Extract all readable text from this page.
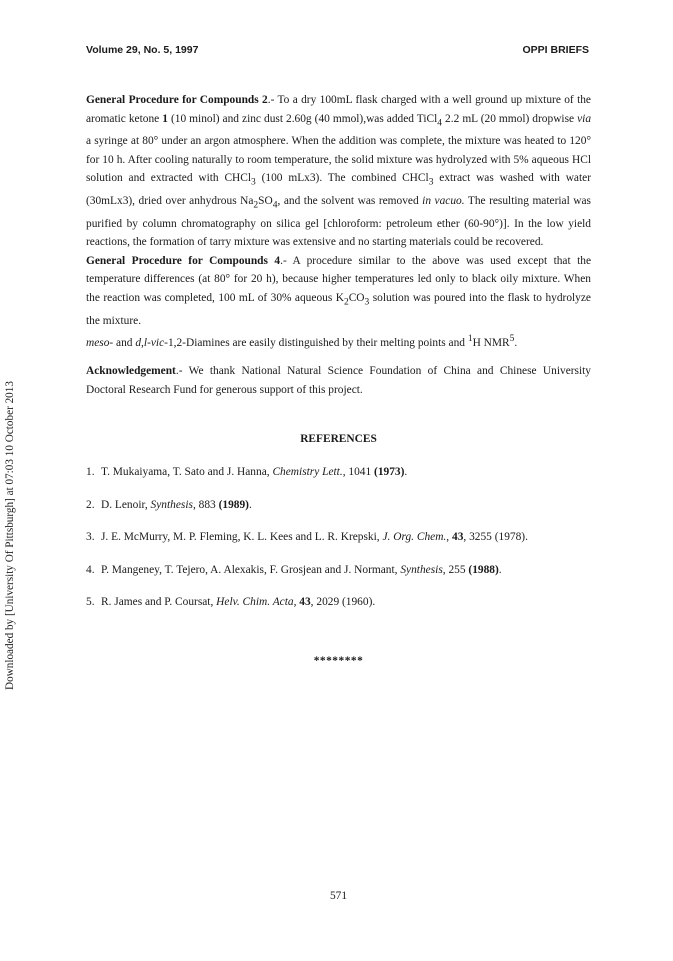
Volume 29, No. 5, 1997	OPPI BRIEFS
Downloaded by [University Of Pittsburgh] at 07:03 10 October 2013

General Procedure for Compounds 2.- To a dry 100mL flask charged with a well ground up mixture of the aromatic ketone 1 (10 minol) and zinc dust 2.60g (40 mmol),was added TiCl$_4$ 2.2 mL (20 mmol) dropwise via a syringe at 80° under an argon atmosphere. When the addition was complete, the mixture was heated to 120° for 10 h. After cooling naturally to room temperature, the solid mixture was hydrolyzed with 5% aqueous HCl solution and extracted with CHCl$_3$ (100 mLx3). The combined CHCl$_3$ extract was washed with water (30mLx3), dried over anhydrous $Na_2SO_4$, and the solvent was removed in vacuo. The resulting material was purified by column chromatography on silica gel [chloroform: petroleum ether (60-90°)]. In the low yield reactions, the formation of tarry mixture was extensive and no starting materials could be recovered.

General Procedure for Compounds 4.- A procedure similar to the above was used except that the temperature differences (at 80° for 20 h), because higher temperatures led only to black oily mixture. When the reaction was completed, 100 mL of 30% aqueous $K_2CO_3$ solution was poured into the flask to hydrolyze the mixture.

meso- and d,l-vic-1,2-Diamines are easily distinguished by their melting points and $^1$H NMR$^5$.

Acknowledgement.- We thank National Natural Science Foundation of China and Chinese University Doctoral Research Fund for generous support of this project.

REFERENCES
1. T. Mukaiyama, T. Sato and J. Hanna, Chemistry Lett., 1041 (1973).
2. D. Lenoir, Synthesis, 883 (1989).
3. J. E. McMurry, M. P. Fleming, K. L. Kees and L. R. Krepski, J. Org. Chem., 43, 3255 (1978).
4. P. Mangeney, T. Tejero, A. Alexakis, F. Grosjean and J. Normant, Synthesis, 255 (1988).
5. R. James and P. Coursat, Helv. Chim. Acta, 43, 2029 (1960).
********
571
